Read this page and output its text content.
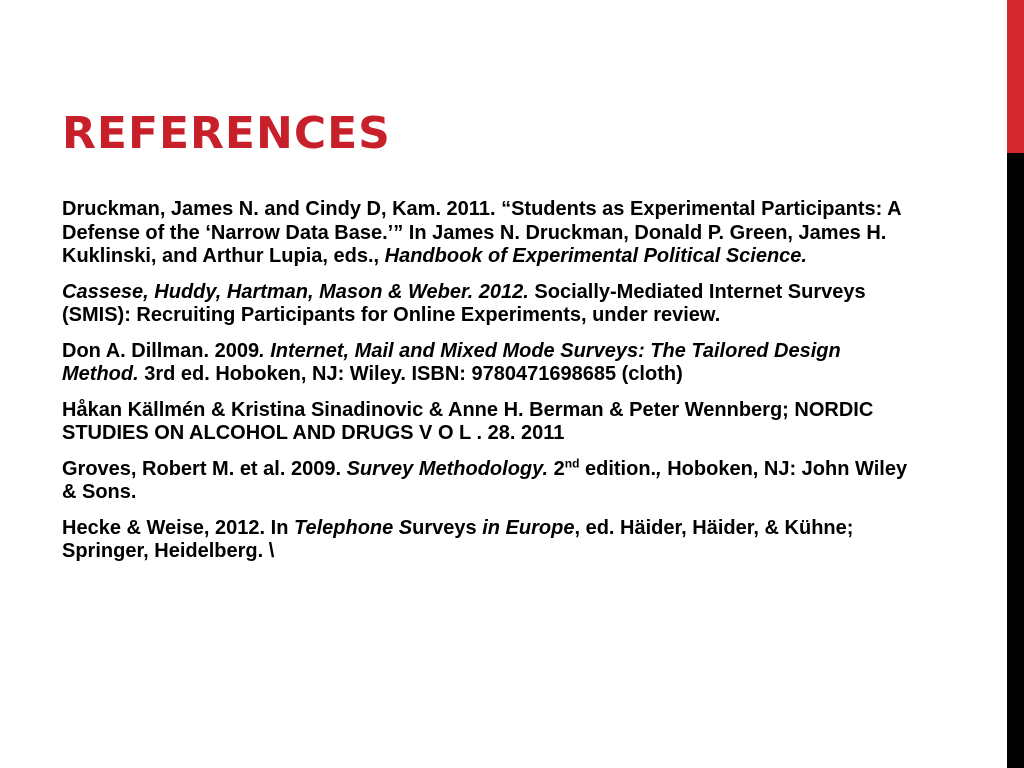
REFERENCES

Druckman, James N. and Cindy D, Kam. 2011. “Students as Experimental Participants: A Defense of the ‘Narrow Data Base.’” In James N. Druckman, Donald P. Green, James H. Kuklinski, and Arthur Lupia, eds., Handbook of Experimental Political Science.

Cassese, Huddy, Hartman, Mason & Weber. 2012. Socially-Mediated Internet Surveys (SMIS): Recruiting Participants for Online Experiments, under review.

Don A. Dillman. 2009. Internet, Mail and Mixed Mode Surveys: The Tailored Design Method. 3rd ed. Hoboken, NJ: Wiley. ISBN: 9780471698685 (cloth)

Håkan Källmén & Kristina Sinadinovic & Anne H. Berman & Peter Wennberg; NORDIC STUDIES ON ALCOHOL AND DRUGS V O L . 28. 2011

Groves, Robert M. et al. 2009. Survey Methodology. 2nd edition., Hoboken, NJ: John Wiley & Sons.

Hecke & Weise, 2012. In Telephone Surveys in Europe, ed. Häider, Häider, & Kühne; Springer, Heidelberg. \
